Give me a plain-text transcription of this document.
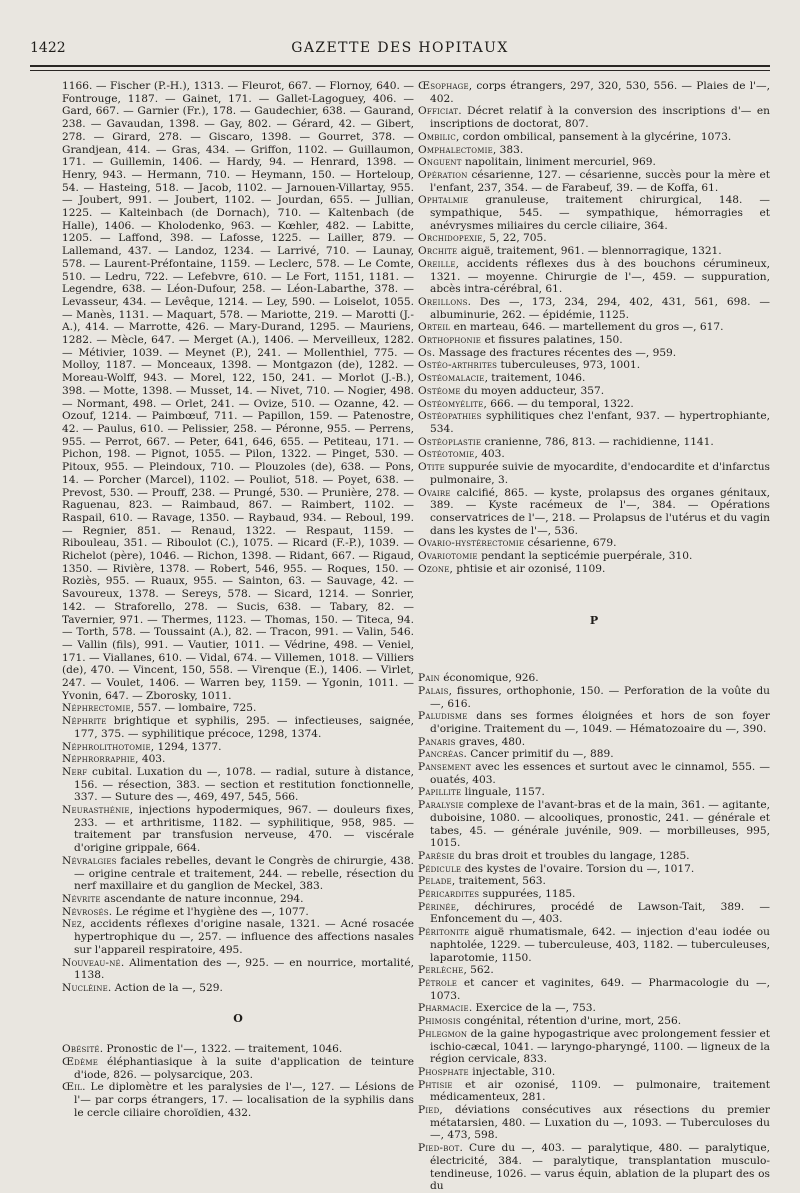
1422	GAZETTE DES HOPITAUX

1166. — Fischer (P.-H.), 1313. — Fleurot, 667. — Flornoy, 640. — Fontrouge, 1187. — Gainet, 171. — Gallet-Lagoguey, 406. — Gard, 667. — Garnier (Fr.), 178. — Gaudechier, 638. — Gaurand, 238. — Gavaudan, 1398. — Gay, 802. — Gérard, 42. — Gibert, 278. — Girard, 278. — Giscaro, 1398. — Gourret, 378. — Grandjean, 414. — Gras, 434. — Griffon, 1102. — Guillaumon, 171. — Guillemin, 1406. — Hardy, 94. — Henrard, 1398. — Henry, 943. — Hermann, 710. — Heymann, 150. — Horteloup, 54. — Hasteing, 518. — Jacob, 1102. — Jarnouen-Villartay, 955. — Joubert, 991. — Joubert, 1102. — Jourdan, 655. — Jullian, 1225. — Kalteinbach (de Dornach), 710. — Kaltenbach (de Halle), 1406. — Kholodenko, 963. — Kœhler, 482. — Labitte, 1205. — Laffond, 398. — Lafosse, 1225. — Lailler, 879. — Lallemand, 437. — Landoz, 1234. — Larrivé, 710. — Launay, 578. — Laurent-Préfontaine, 1159. — Leclerc, 578. — Le Comte, 510. — Ledru, 722. — Lefebvre, 610. — Le Fort, 1151, 1181. — Legendre, 638. — Léon-Dufour, 258. — Léon-Labarthe, 378. — Levasseur, 434. — Levêque, 1214. — Ley, 590. — Loiselot, 1055. — Manès, 1131. — Maquart, 578. — Mariotte, 219. — Marotti (J.-A.), 414. — Marrotte, 426. — Mary-Durand, 1295. — Mauriens, 1282. — Mècle, 647. — Merget (A.), 1406. — Merveilleux, 1282. — Métivier, 1039. — Meynet (P.), 241. — Mollenthiel, 775. — Molloy, 1187. — Monceaux, 1398. — Montgazon (de), 1282. — Moreau-Wolff, 943. — Morel, 122, 150, 241. — Morlot (J.-B.), 398. — Motte, 1398. — Musset, 14. — Nivet, 710. — Nogier, 498. — Normant, 498. — Orlet, 241. — Ovize, 510. — Ozanne, 42. — Ozouf, 1214. — Paimbœuf, 711. — Papillon, 159. — Patenostre, 42. — Paulus, 610. — Pelissier, 258. — Péronne, 955. — Perrens, 955. — Perrot, 667. — Peter, 641, 646, 655. — Petiteau, 171. — Pichon, 198. — Pignot, 1055. — Pilon, 1322. — Pinget, 530. — Pitoux, 955. — Pleindoux, 710. — Plouzoles (de), 638. — Pons, 14. — Porcher (Marcel), 1102. — Pouliot, 518. — Poyet, 638. — Prevost, 530. — Prouff, 238. — Prungé, 530. — Prunière, 278. — Raguenau, 823. — Raimbaud, 867. — Raimbert, 1102. — Raspail, 610. — Ravage, 1350. — Raybaud, 934. — Reboul, 199. — Regnier, 851. — Renaud, 1322. — Respaut, 1159. — Ribouleau, 351. — Riboulot (C.), 1075. — Ricard (F.-P.), 1039. — Richelot (père), 1046. — Richon, 1398. — Ridant, 667. — Rigaud, 1350. — Rivière, 1378. — Robert, 546, 955. — Roques, 150. — Roziès, 955. — Ruaux, 955. — Sainton, 63. — Sauvage, 42. — Savoureux, 1378. — Sereys, 578. — Sicard, 1214. — Sonrier, 142. — Straforello, 278. — Sucis, 638. — Tabary, 82. — Tavernier, 971. — Thermes, 1123. — Thomas, 150. — Titeca, 94. — Torth, 578. — Toussaint (A.), 82. — Tracon, 991. — Valin, 546. — Vallin (fils), 991. — Vautier, 1011. — Védrine, 498. — Veniel, 171. — Viallanes, 610. — Vidal, 674. — Villemen, 1018. — Villiers (de), 470. — Vincent, 150, 558. — Virenque (E.), 1406. — Virlet, 247. — Voulet, 1406. — Warren bey, 1159. — Ygonin, 1011. — Yvonin, 647. — Zborosky, 1011.

Néphrectomie, 557. — lombaire, 725.

Néphrite brightique et syphilis, 295. — infectieuses, saignée, 177, 375. — syphilitique précoce, 1298, 1374.

Néphrolithotomie, 1294, 1377.

Néphrorraphie, 403.

Nerf cubital. Luxation du —, 1078. — radial, suture à distance, 156. — résection, 383. — section et restitution fonctionnelle, 337. — Suture des —, 469, 497, 545, 566.

Neurasthénie, injections hypodermiques, 967. — douleurs fixes, 233. — et arthritisme, 1182. — syphilitique, 958, 985. — traitement par transfusion nerveuse, 470. — viscérale d'origine grippale, 664.

Névralgies faciales rebelles, devant le Congrès de chirurgie, 438. — origine centrale et traitement, 244. — rebelle, résection du nerf maxillaire et du ganglion de Meckel, 383.

Névrite ascendante de nature inconnue, 294.

Névrosés. Le régime et l'hygiène des —, 1077.

Nez, accidents réflexes d'origine nasale, 1321. — Acné rosacée hypertrophique du —, 257. — influence des affections nasales sur l'appareil respiratoire, 495.

Nouveau-né. Alimentation des —, 925. — en nourrice, mortalité, 1138.

Nucléine. Action de la —, 529.

O

Obésité. Pronostic de l'—, 1322. — traitement, 1046.

Œdème éléphantiasique à la suite d'application de teinture d'iode, 826. — polysarcique, 203.

Œil. Le diplomètre et les paralysies de l'—, 127. — Lésions de l'— par corps étrangers, 17. — localisation de la syphilis dans le cercle ciliaire choroïdien, 432.

Œsophage, corps étrangers, 297, 320, 530, 556. — Plaies de l'—, 402.

Officiat. Décret relatif à la conversion des inscriptions d'— en inscriptions de doctorat, 807.

Ombilic, cordon ombilical, pansement à la glycérine, 1073.

Omphalectomie, 383.

Onguent napolitain, liniment mercuriel, 969.

Opération césarienne, 127. — césarienne, succès pour la mère et l'enfant, 237, 354. — de Farabeuf, 39. — de Koffa, 61.

Ophtalmie granuleuse, traitement chirurgical, 148. — sympathique, 545. — sympathique, hémorragies et anévrysmes miliaires du cercle ciliaire, 364.

Orchidopexie, 5, 22, 705.

Orchite aiguë, traitement, 961. — blennorragique, 1321.

Oreille, accidents réflexes dus à des bouchons cérumineux, 1321. — moyenne. Chirurgie de l'—, 459. — suppuration, abcès intra-cérébral, 61.

Oreillons. Des —, 173, 234, 294, 402, 431, 561, 698. — albuminurie, 262. — épidémie, 1125.

Orteil en marteau, 646. — martellement du gros —, 617.

Orthophonie et fissures palatines, 150.

Os. Massage des fractures récentes des —, 959.

Ostéo-arthrites tuberculeuses, 973, 1001.

Ostéomalacie, traitement, 1046.

Ostéome du moyen adducteur, 357.

Ostéomyélite, 666. — du temporal, 1322.

Ostéopathies syphilitiques chez l'enfant, 937. — hypertrophiante, 534.

Ostéoplastie cranienne, 786, 813. — rachidienne, 1141.

Ostéotomie, 403.

Otite suppurée suivie de myocardite, d'endocardite et d'infarctus pulmonaire, 3.

Ovaire calcifié, 865. — kyste, prolapsus des organes génitaux, 389. — Kyste racémeux de l'—, 384. — Opérations conservatrices de l'—, 218. — Prolapsus de l'utérus et du vagin dans les kystes de l'—, 536.

Ovario-hystérectomie césarienne, 679.

Ovariotomie pendant la septicémie puerpérale, 310.

Ozone, phtisie et air ozonisé, 1109.

P

Pain économique, 926.

Palais, fissures, orthophonie, 150. — Perforation de la voûte du —, 616.

Paludisme dans ses formes éloignées et hors de son foyer d'origine. Traitement du —, 1049. — Hématozoaire du —, 390.

Panaris graves, 480.

Pancréas. Cancer primitif du —, 889.

Pansement avec les essences et surtout avec le cinnamol, 555. — ouatés, 403.

Papillite linguale, 1157.

Paralysie complexe de l'avant-bras et de la main, 361. — agitante, duboisine, 1080. — alcooliques, pronostic, 241. — générale et tabes, 45. — générale juvénile, 909. — morbilleuses, 995, 1015.

Parésie du bras droit et troubles du langage, 1285.

Pédicule des kystes de l'ovaire. Torsion du —, 1017.

Pelade, traitement, 563.

Péricardites suppurées, 1185.

Périnée, déchirures, procédé de Lawson-Tait, 389. — Enfoncement du —, 403.

Péritonite aiguë rhumatismale, 642. — injection d'eau iodée ou naphtolée, 1229. — tuberculeuse, 403, 1182. — tuberculeuses, laparotomie, 1150.

Perlèche, 562.

Pétrole et cancer et vaginites, 649. — Pharmacologie du —, 1073.

Pharmacie. Exercice de la —, 753.

Phimosis congénital, rétention d'urine, mort, 256.

Phlegmon de la gaine hypogastrique avec prolongement fessier et ischio-cæcal, 1041. — laryngo-pharyngé, 1100. — ligneux de la région cervicale, 833.

Phosphate injectable, 310.

Phtisie et air ozonisé, 1109. — pulmonaire, traitement médicamenteux, 281.

Pied, déviations consécutives aux résections du premier métatarsien, 480. — Luxation du —, 1093. — Tuberculoses du —, 473, 598.

Pied-bot. Cure du —, 403. — paralytique, 480. — paralytique, électricité, 384. — paralytique, transplantation musculo-tendineuse, 1026. — varus équin, ablation de la plupart des os du
